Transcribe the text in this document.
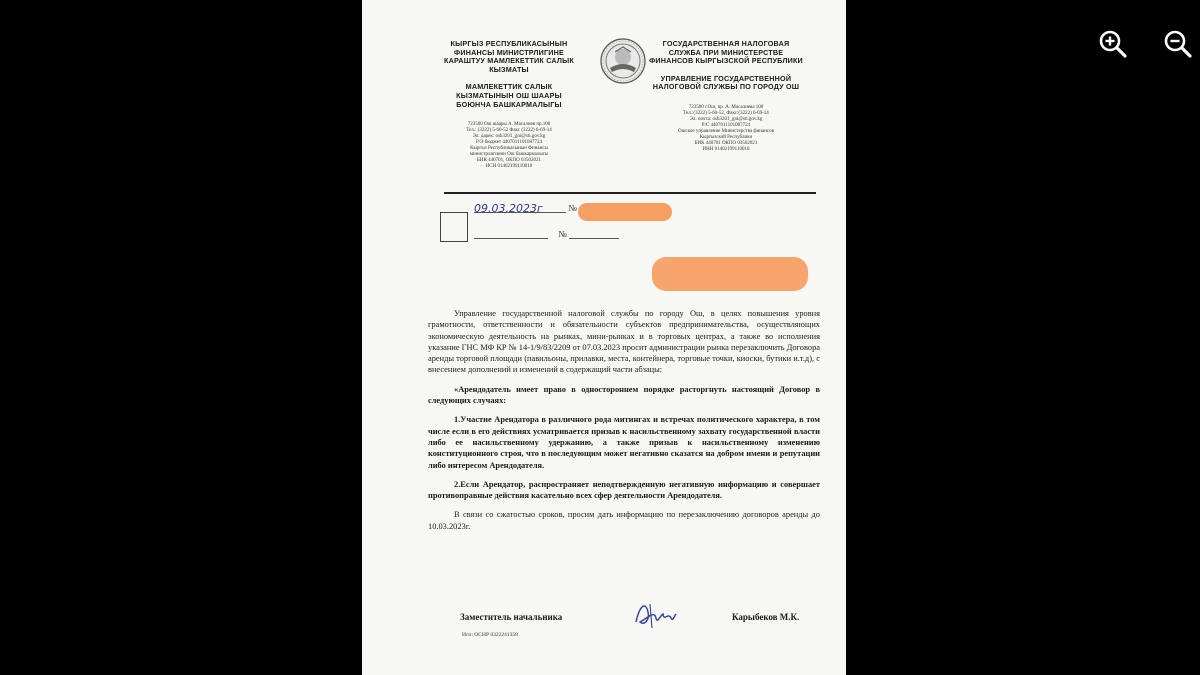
КЫРГЫЗ РЕСПУБЛИКАСЫНЫН ФИНАНСЫ МИНИСТРЛИГИНЕ КАРАШТУУ МАМЛЕКЕТТИК САЛЫК КЫЗМАТЫ
МАМЛЕКЕТТИК САЛЫК КЫЗМАТЫНЫН ОШ ШААРЫ БОЮНЧА БАШКАРМАЛЫГЫ
723500 Ош шаары А. Масалиев пр.100
Тел.: (3222) 5-60-52 Факс (3222) 6-69-14
Эл. дарек: osh3201_gni@sti.gov.kg
Р/Э бюджет 4407011101087724
Кыргыз Республикасынын Финансы
министрлигинин Ош башкармалыгы
БИК 440701, ОКПО 03502021
ИСН 01402199110010
ГОСУДАРСТВЕННАЯ НАЛОГОВАЯ СЛУЖБА ПРИ МИНИСТЕРСТВЕ ФИНАНСОВ КЫРГЫЗСКОЙ РЕСПУБЛИКИ
УПРАВЛЕНИЕ ГОСУДАРСТВЕННОЙ НАЛОГОВОЙ СЛУЖБЫ ПО ГОРОДУ ОШ
723500 г.Ош, пр. А. Масалиева 100
Тел.:(3222) 5-60-52, Факс:(3222) 6-69-14
Эл. почта: osh3201_gni@sti.gov.kg
Р/С 4407011101087724
Ошское управление Министерства финансов
Кыргызской Республики
БИК 440701 ОКПО 03502021
ИНН 01402199110010
09.03.2023г	№
№

Управление государственной налоговой службы по городу Ош, в целях повышения уровня грамотности, ответственности и обязательности субъектов предпринимательства, осуществляющих экономическую деятельность на рынках, мини-рынках и в торговых центрах, а также во исполнения указание ГНС МФ КР № 14-1/9/83/2209 от 07.03.2023 просит администрации рынка перезаключить Договора аренды торговой площади (павильоны, прилавки, места, контейнера, торговые точки, киоски, бутики и.т.д), с внесением дополнений и изменений в содержащий части абзацы:

«Арендодатель имеет право в одностороннем порядке расторгнуть настоящий Договор в следующих случаях:

1.Участие Арендатора в различного рода митингах и встречах политического характера, в том числе если в его действиях усматривается призыв к насильственному захвату государственной власти либо ее насильственному удержанию, а также призыв к насильственному изменению конституционного строя, что в последующим может негативно сказатся на добром имени и репутации либо интересом Арендодателя.

2.Если Арендатор, распространяет неподтвержденную негативную информацию и совершает противоправные действия касательно всех сфер деятельности Арендодателя.

В связи со сжатостью сроков, просим дать информацию по перезаключению договоров аренды до 10.03.2023г.

Заместитель начальника	Карыбеков М.К.
Исп: ОСНР 0322241358
